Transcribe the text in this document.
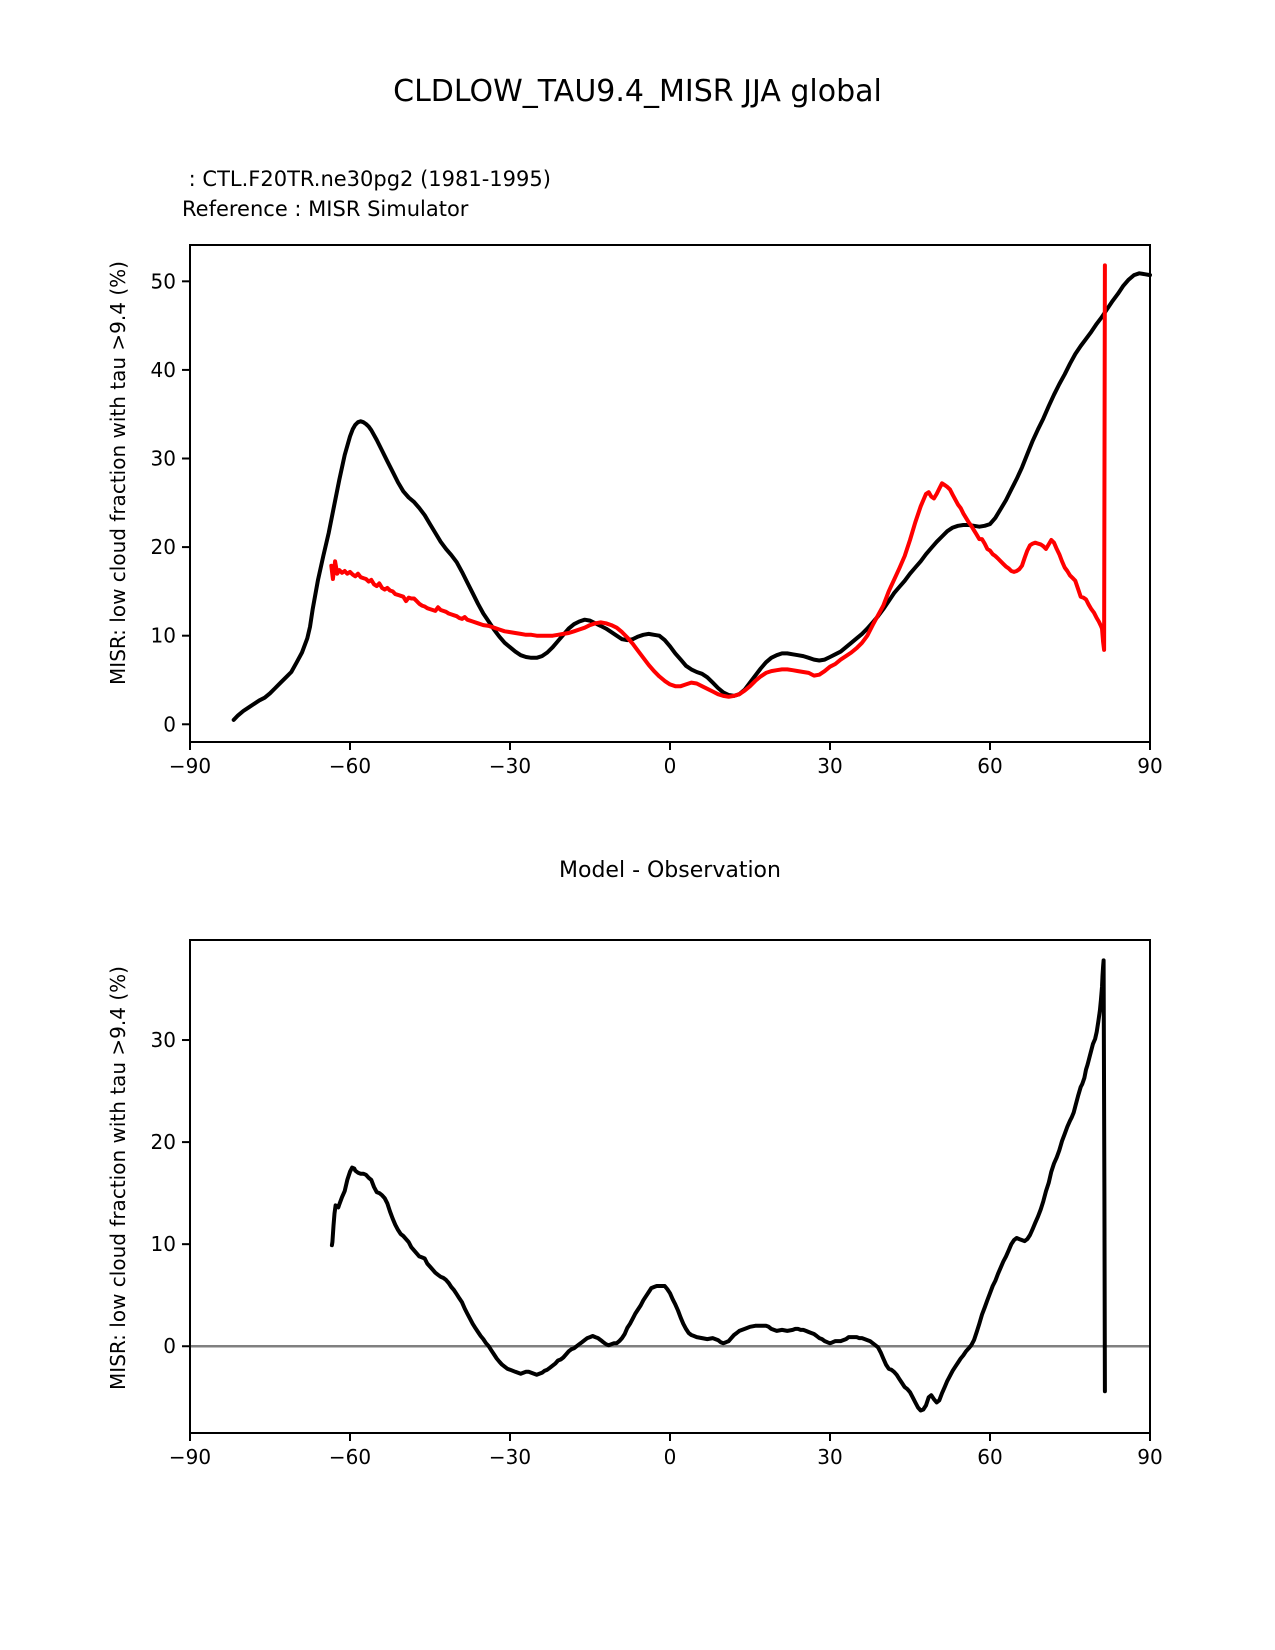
CLDLOW_TAU9.4_MISR JJA global
: CTL.F20TR.ne30pg2 (1981-1995)
Reference : MISR Simulator
MISR: low cloud fraction with tau >9.4 (%)
MISR: low cloud fraction with tau >9.4 (%)
Model - Observation
−90	−60	−30	0	30	60	90
0
10
20
30
40
50
−90	−60	−30	0	30	60	90
0
10
20
30
